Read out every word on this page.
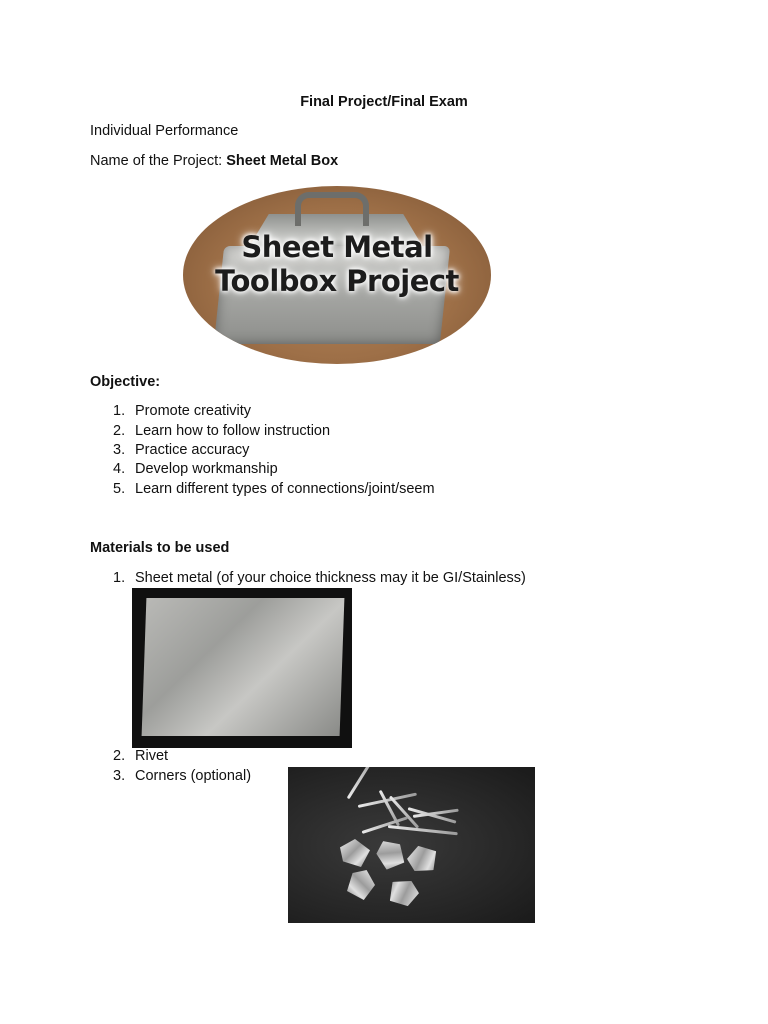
Final Project/Final Exam
Individual Performance
Name of the Project: Sheet Metal Box
Sheet Metal
Toolbox Project
Objective:
1. Promote creativity
2. Learn how to follow instruction
3. Practice accuracy
4. Develop workmanship
5. Learn different types of connections/joint/seem
Materials to be used
1. Sheet metal (of your choice thickness may it be GI/Stainless)
2. Rivet
3. Corners (optional)
